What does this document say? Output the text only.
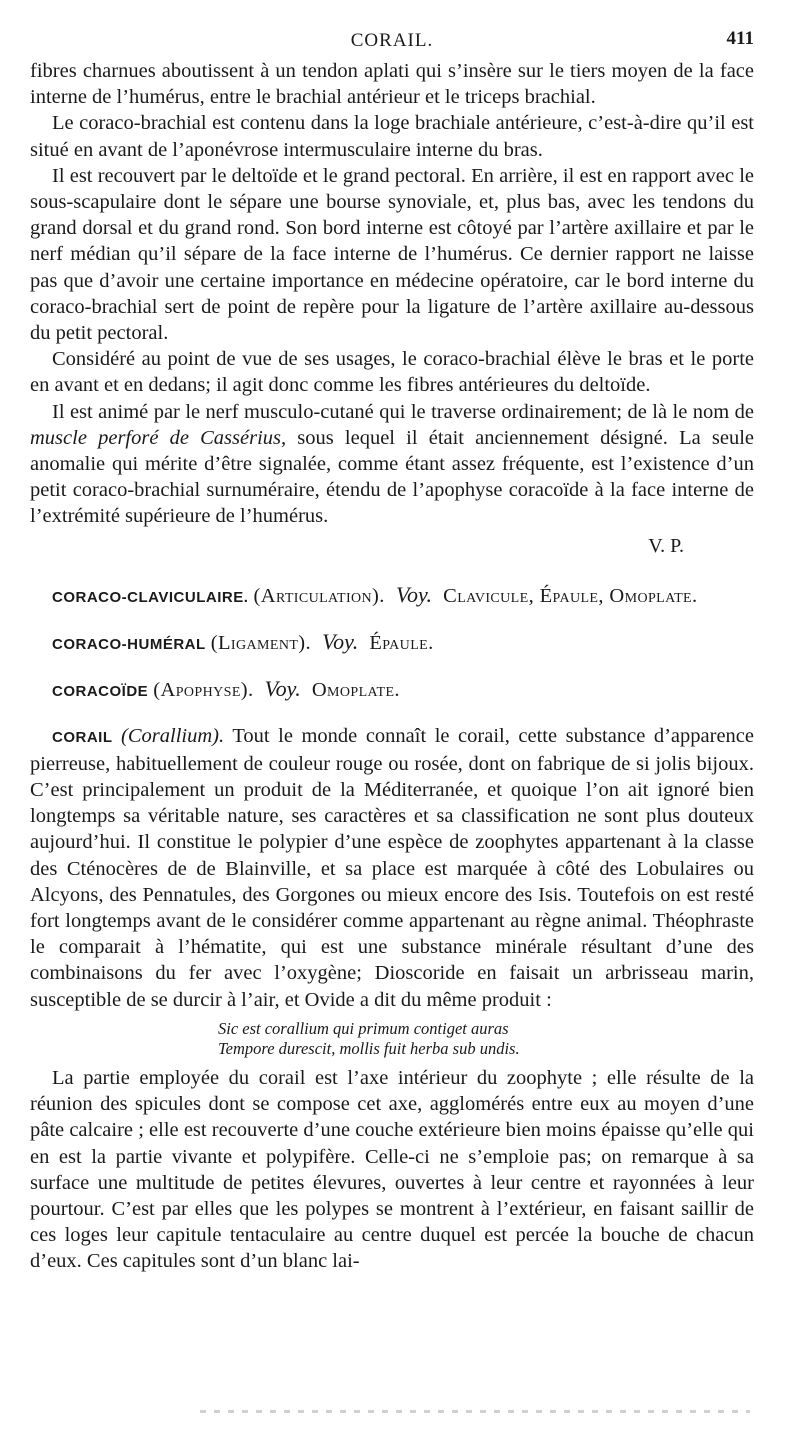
CORAIL.	411

fibres charnues aboutissent à un tendon aplati qui s’insère sur le tiers moyen de la face interne de l’humérus, entre le brachial antérieur et le triceps brachial.

Le coraco-brachial est contenu dans la loge brachiale antérieure, c’est-à-dire qu’il est situé en avant de l’aponévrose intermusculaire interne du bras.

Il est recouvert par le deltoïde et le grand pectoral. En arrière, il est en rapport avec le sous-scapulaire dont le sépare une bourse synoviale, et, plus bas, avec les tendons du grand dorsal et du grand rond. Son bord interne est côtoyé par l’artère axillaire et par le nerf médian qu’il sépare de la face interne de l’humérus. Ce dernier rapport ne laisse pas que d’avoir une certaine importance en médecine opératoire, car le bord interne du coraco-brachial sert de point de repère pour la ligature de l’artère axillaire au-dessous du petit pectoral.

Considéré au point de vue de ses usages, le coraco-brachial élève le bras et le porte en avant et en dedans; il agit donc comme les fibres antérieures du deltoïde.

Il est animé par le nerf musculo-cutané qui le traverse ordinairement; de là le nom de muscle perforé de Cassérius, sous lequel il était anciennement désigné. La seule anomalie qui mérite d’être signalée, comme étant assez fréquente, est l’existence d’un petit coraco-brachial surnuméraire, étendu de l’apophyse coracoïde à la face interne de l’extrémité supérieure de l’humérus.

V. P.

CORACO-CLAVICULAIRE. (Articulation). Voy. Clavicule, Épaule, Omoplate.

CORACO-HUMÉRAL (Ligament). Voy. Épaule.

CORACOÏDE (Apophyse). Voy. Omoplate.

CORAIL (Corallium). Tout le monde connaît le corail, cette substance d’apparence pierreuse, habituellement de couleur rouge ou rosée, dont on fabrique de si jolis bijoux. C’est principalement un produit de la Méditerranée, et quoique l’on ait ignoré bien longtemps sa véritable nature, ses caractères et sa classification ne sont plus douteux aujourd’hui. Il constitue le polypier d’une espèce de zoophytes appartenant à la classe des Cténocères de de Blainville, et sa place est marquée à côté des Lobulaires ou Alcyons, des Pennatules, des Gorgones ou mieux encore des Isis. Toutefois on est resté fort longtemps avant de le considérer comme appartenant au règne animal. Théophraste le comparait à l’hématite, qui est une substance minérale résultant d’une des combinaisons du fer avec l’oxygène; Dioscoride en faisait un arbrisseau marin, susceptible de se durcir à l’air, et Ovide a dit du même produit :

Sic est corallium qui primum contiget auras
Tempore durescit, mollis fuit herba sub undis.

La partie employée du corail est l’axe intérieur du zoophyte ; elle résulte de la réunion des spicules dont se compose cet axe, agglomérés entre eux au moyen d’une pâte calcaire ; elle est recouverte d’une couche extérieure bien moins épaisse qu’elle qui en est la partie vivante et polypifère. Celle-ci ne s’emploie pas; on remarque à sa surface une multitude de petites élevures, ouvertes à leur centre et rayonnées à leur pourtour. C’est par elles que les polypes se montrent à l’extérieur, en faisant saillir de ces loges leur capitule tentaculaire au centre duquel est percée la bouche de chacun d’eux. Ces capitules sont d’un blanc lai-
